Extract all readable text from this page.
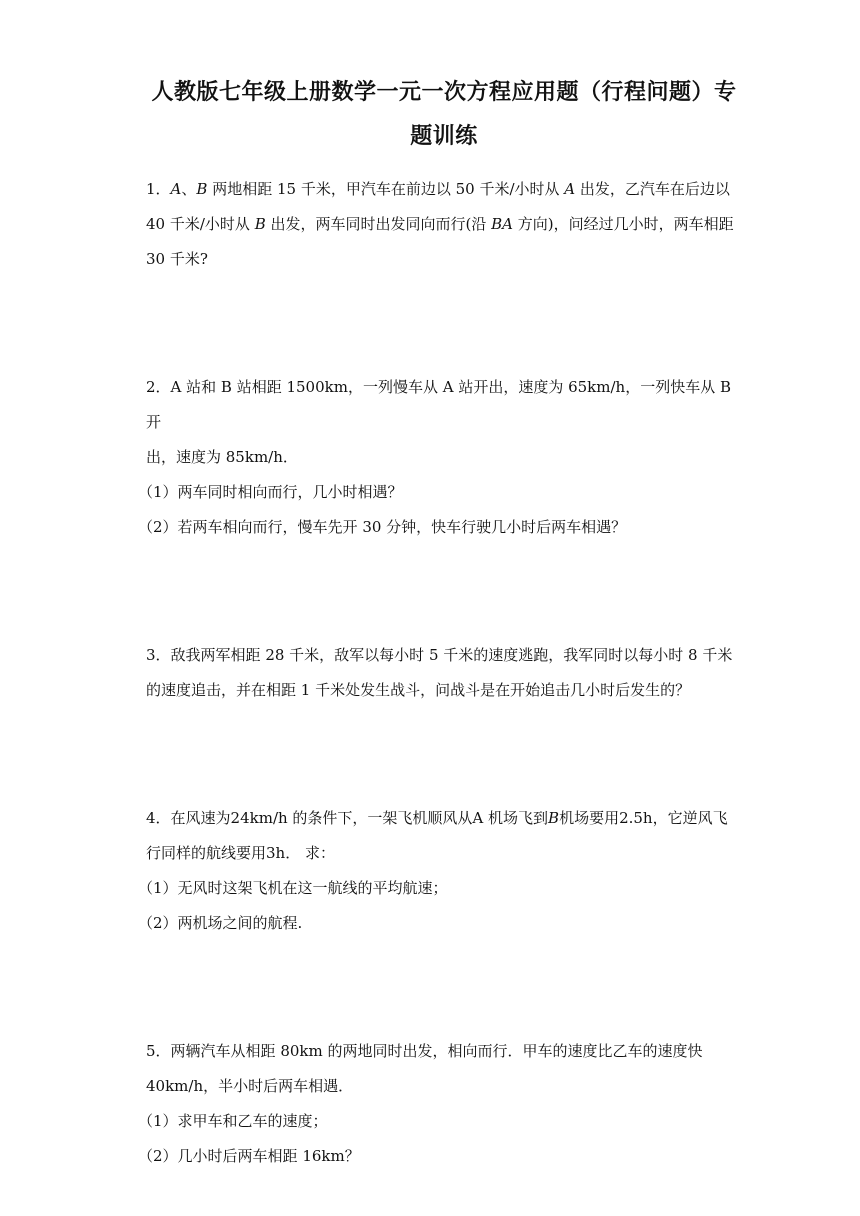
人教版七年级上册数学一元一次方程应用题（行程问题）专
题训练

1．A、B 两地相距 15 千米，甲汽车在前边以 50 千米/小时从 A 出发，乙汽车在后边以

40 千米/小时从 B 出发，两车同时出发同向而行(沿 BA 方向)，问经过几小时，两车相距

30 千米?

2．A 站和 B 站相距 1500km，一列慢车从 A 站开出，速度为 65km/h，一列快车从 B 开

出，速度为 85km/h．

（1）两车同时相向而行，几小时相遇？

（2）若两车相向而行，慢车先开 30 分钟，快车行驶几小时后两车相遇？

3．敌我两军相距 28 千米，敌军以每小时 5 千米的速度逃跑，我军同时以每小时 8 千米

的速度追击，并在相距 1 千米处发生战斗，问战斗是在开始追击几小时后发生的？

4．在风速为24km/h 的条件下，一架飞机顺风从A 机场飞到B机场要用2.5h，它逆风飞

行同样的航线要用3h． 求：

（1）无风时这架飞机在这一航线的平均航速；

（2）两机场之间的航程.

5．两辆汽车从相距 80km 的两地同时出发，相向而行．甲车的速度比乙车的速度快

40km/h，半小时后两车相遇．

（1）求甲车和乙车的速度；

（2）几小时后两车相距 16km？
